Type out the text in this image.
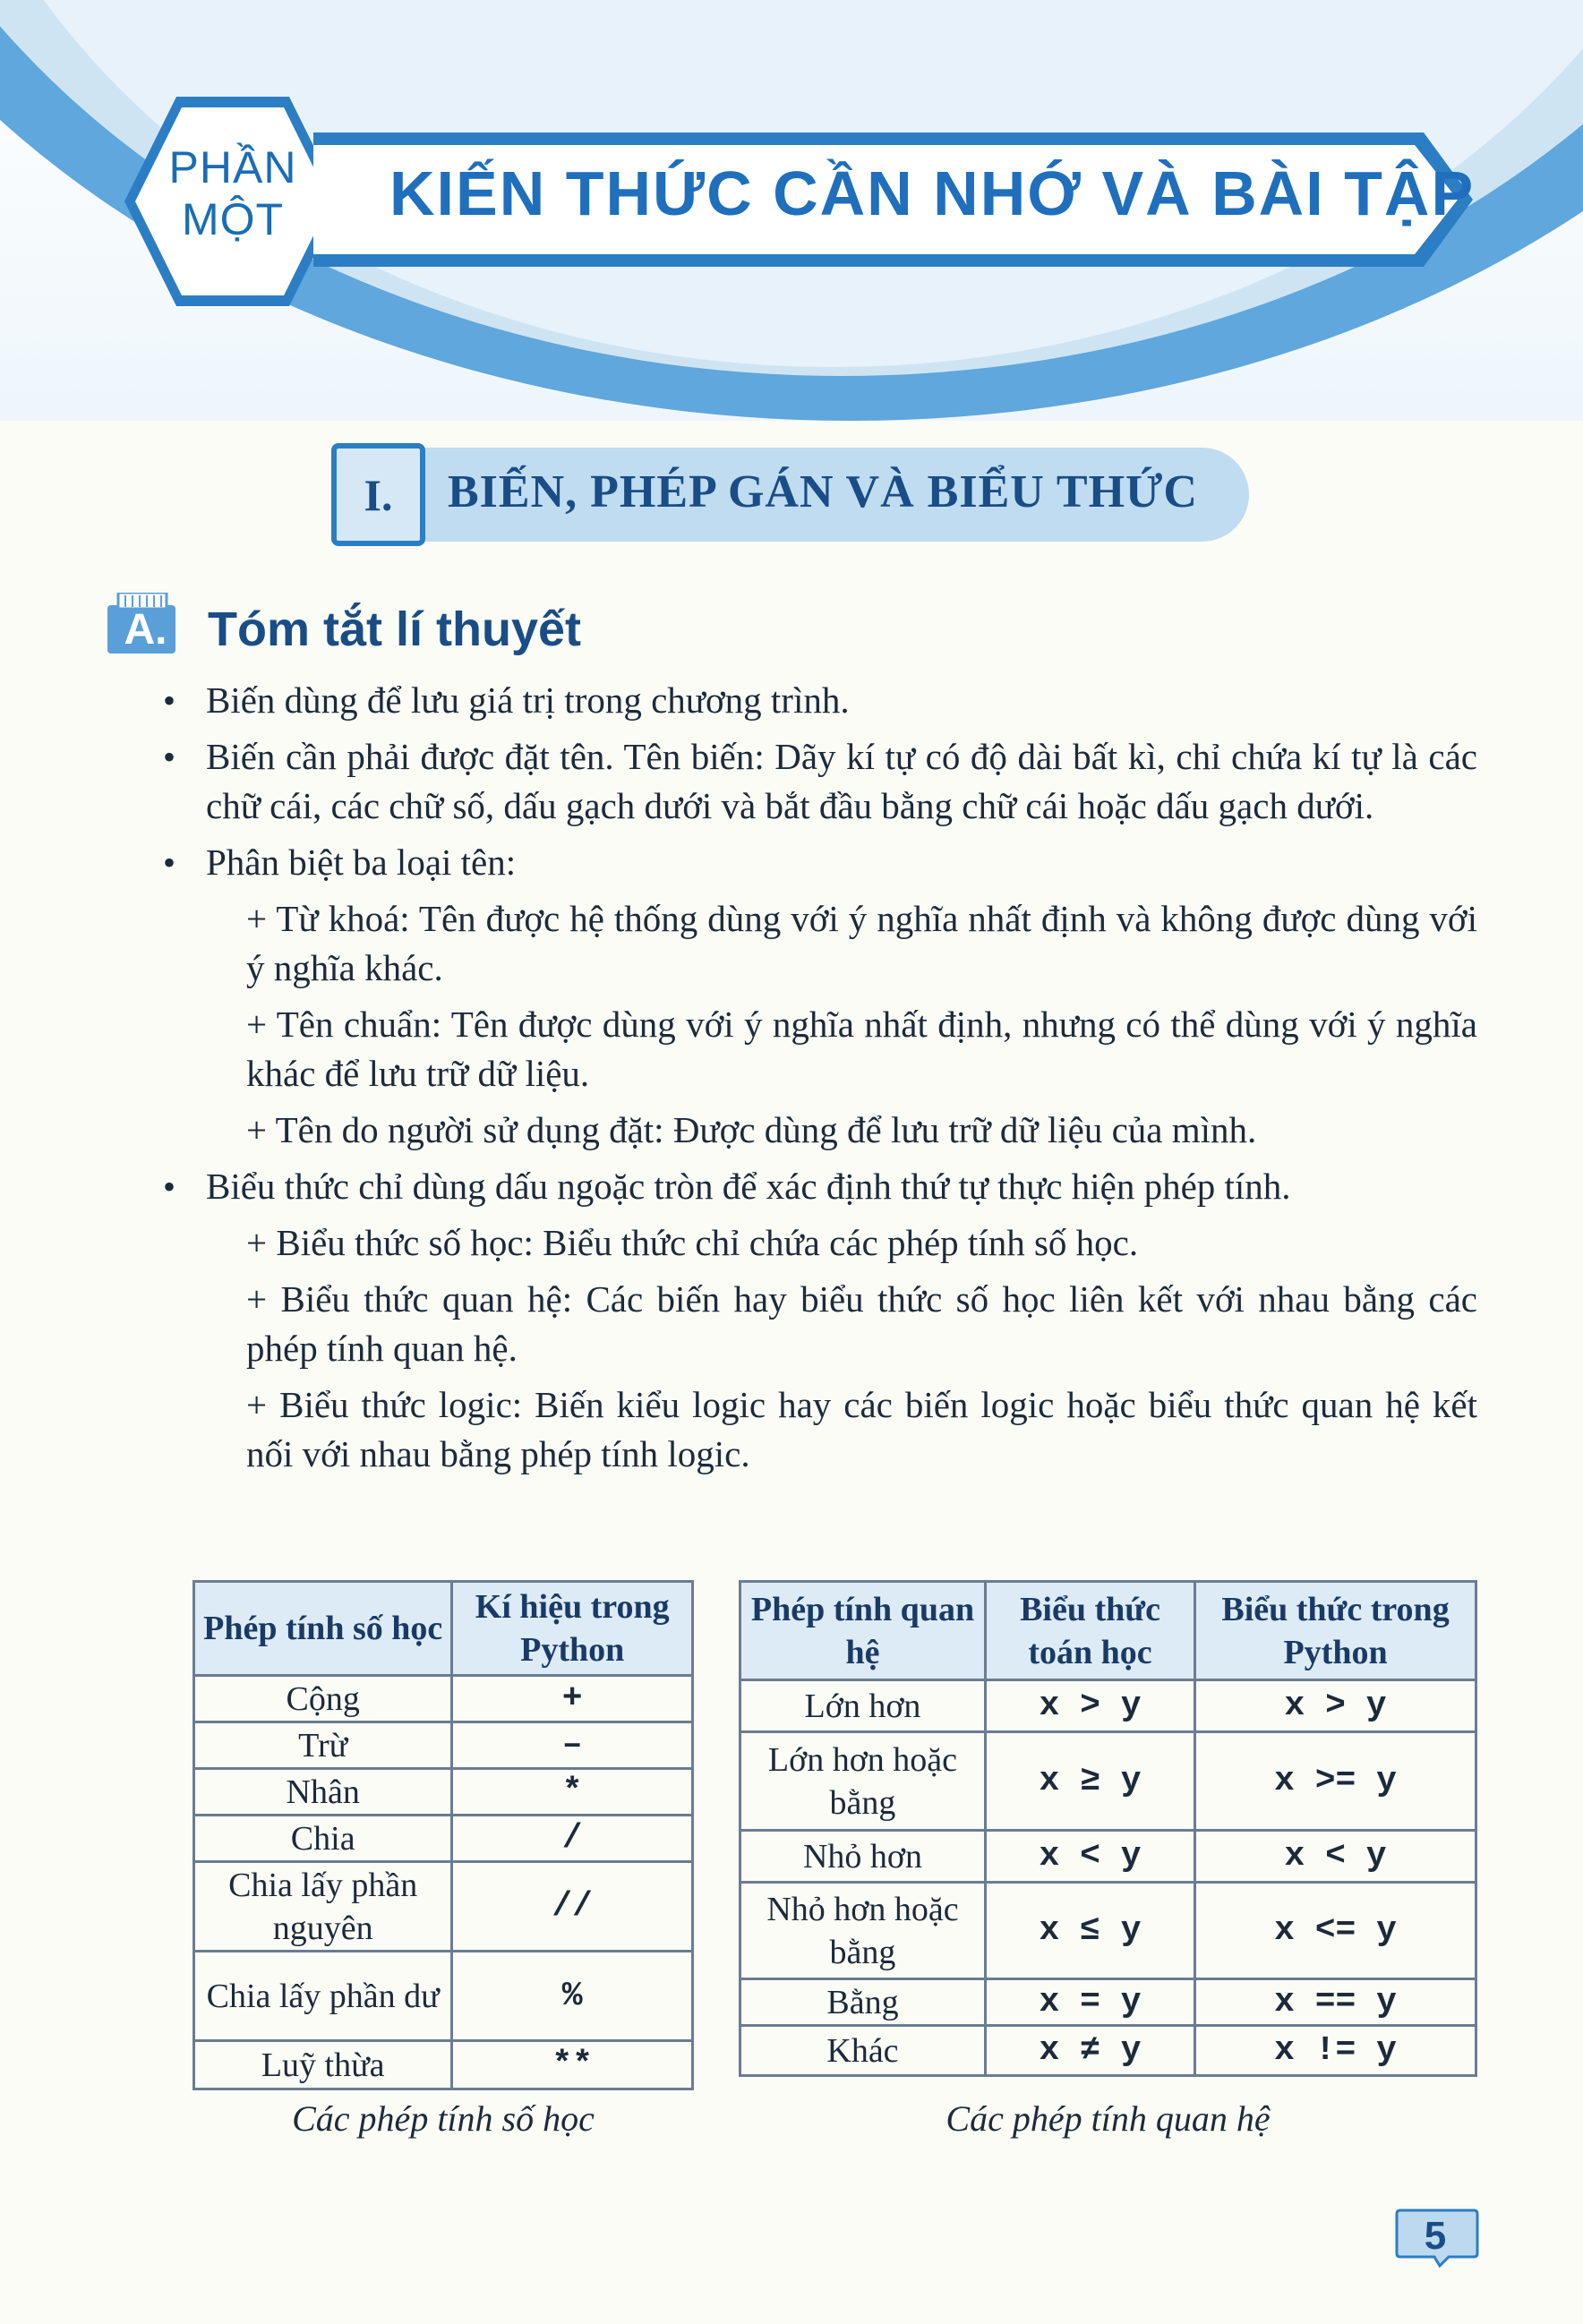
PHẦN
MỘT	KIẾN THỨC CẦN NHỚ VÀ BÀI TẬP
I. BIẾN, PHÉP GÁN VÀ BIỂU THỨC
A. Tóm tắt lí thuyết
• Biến dùng để lưu giá trị trong chương trình.
• Biến cần phải được đặt tên. Tên biến: Dãy kí tự có độ dài bất kì, chỉ chứa kí tự là các chữ cái, các chữ số, dấu gạch dưới và bắt đầu bằng chữ cái hoặc dấu gạch dưới.
• Phân biệt ba loại tên:
+ Từ khoá: Tên được hệ thống dùng với ý nghĩa nhất định và không được dùng với ý nghĩa khác.
+ Tên chuẩn: Tên được dùng với ý nghĩa nhất định, nhưng có thể dùng với ý nghĩa khác để lưu trữ dữ liệu.
+ Tên do người sử dụng đặt: Được dùng để lưu trữ dữ liệu của mình.
• Biểu thức chỉ dùng dấu ngoặc tròn để xác định thứ tự thực hiện phép tính.
+ Biểu thức số học: Biểu thức chỉ chứa các phép tính số học.
+ Biểu thức quan hệ: Các biến hay biểu thức số học liên kết với nhau bằng các phép tính quan hệ.
+ Biểu thức logic: Biến kiểu logic hay các biến logic hoặc biểu thức quan hệ kết nối với nhau bằng phép tính logic.
Phép tính số học	Kí hiệu trong Python
Cộng	+
Trừ	–
Nhân	*
Chia	/
Chia lấy phần nguyên	//
Chia lấy phần dư	%
Luỹ thừa	**
Các phép tính số học
Phép tính quan hệ	Biểu thức toán học	Biểu thức trong Python
Lớn hơn	x > y	x > y
Lớn hơn hoặc bằng	x ≥ y	x >= y
Nhỏ hơn	x < y	x < y
Nhỏ hơn hoặc bằng	x ≤ y	x <= y
Bằng	x = y	x == y
Khác	x ≠ y	x != y
Các phép tính quan hệ
5
